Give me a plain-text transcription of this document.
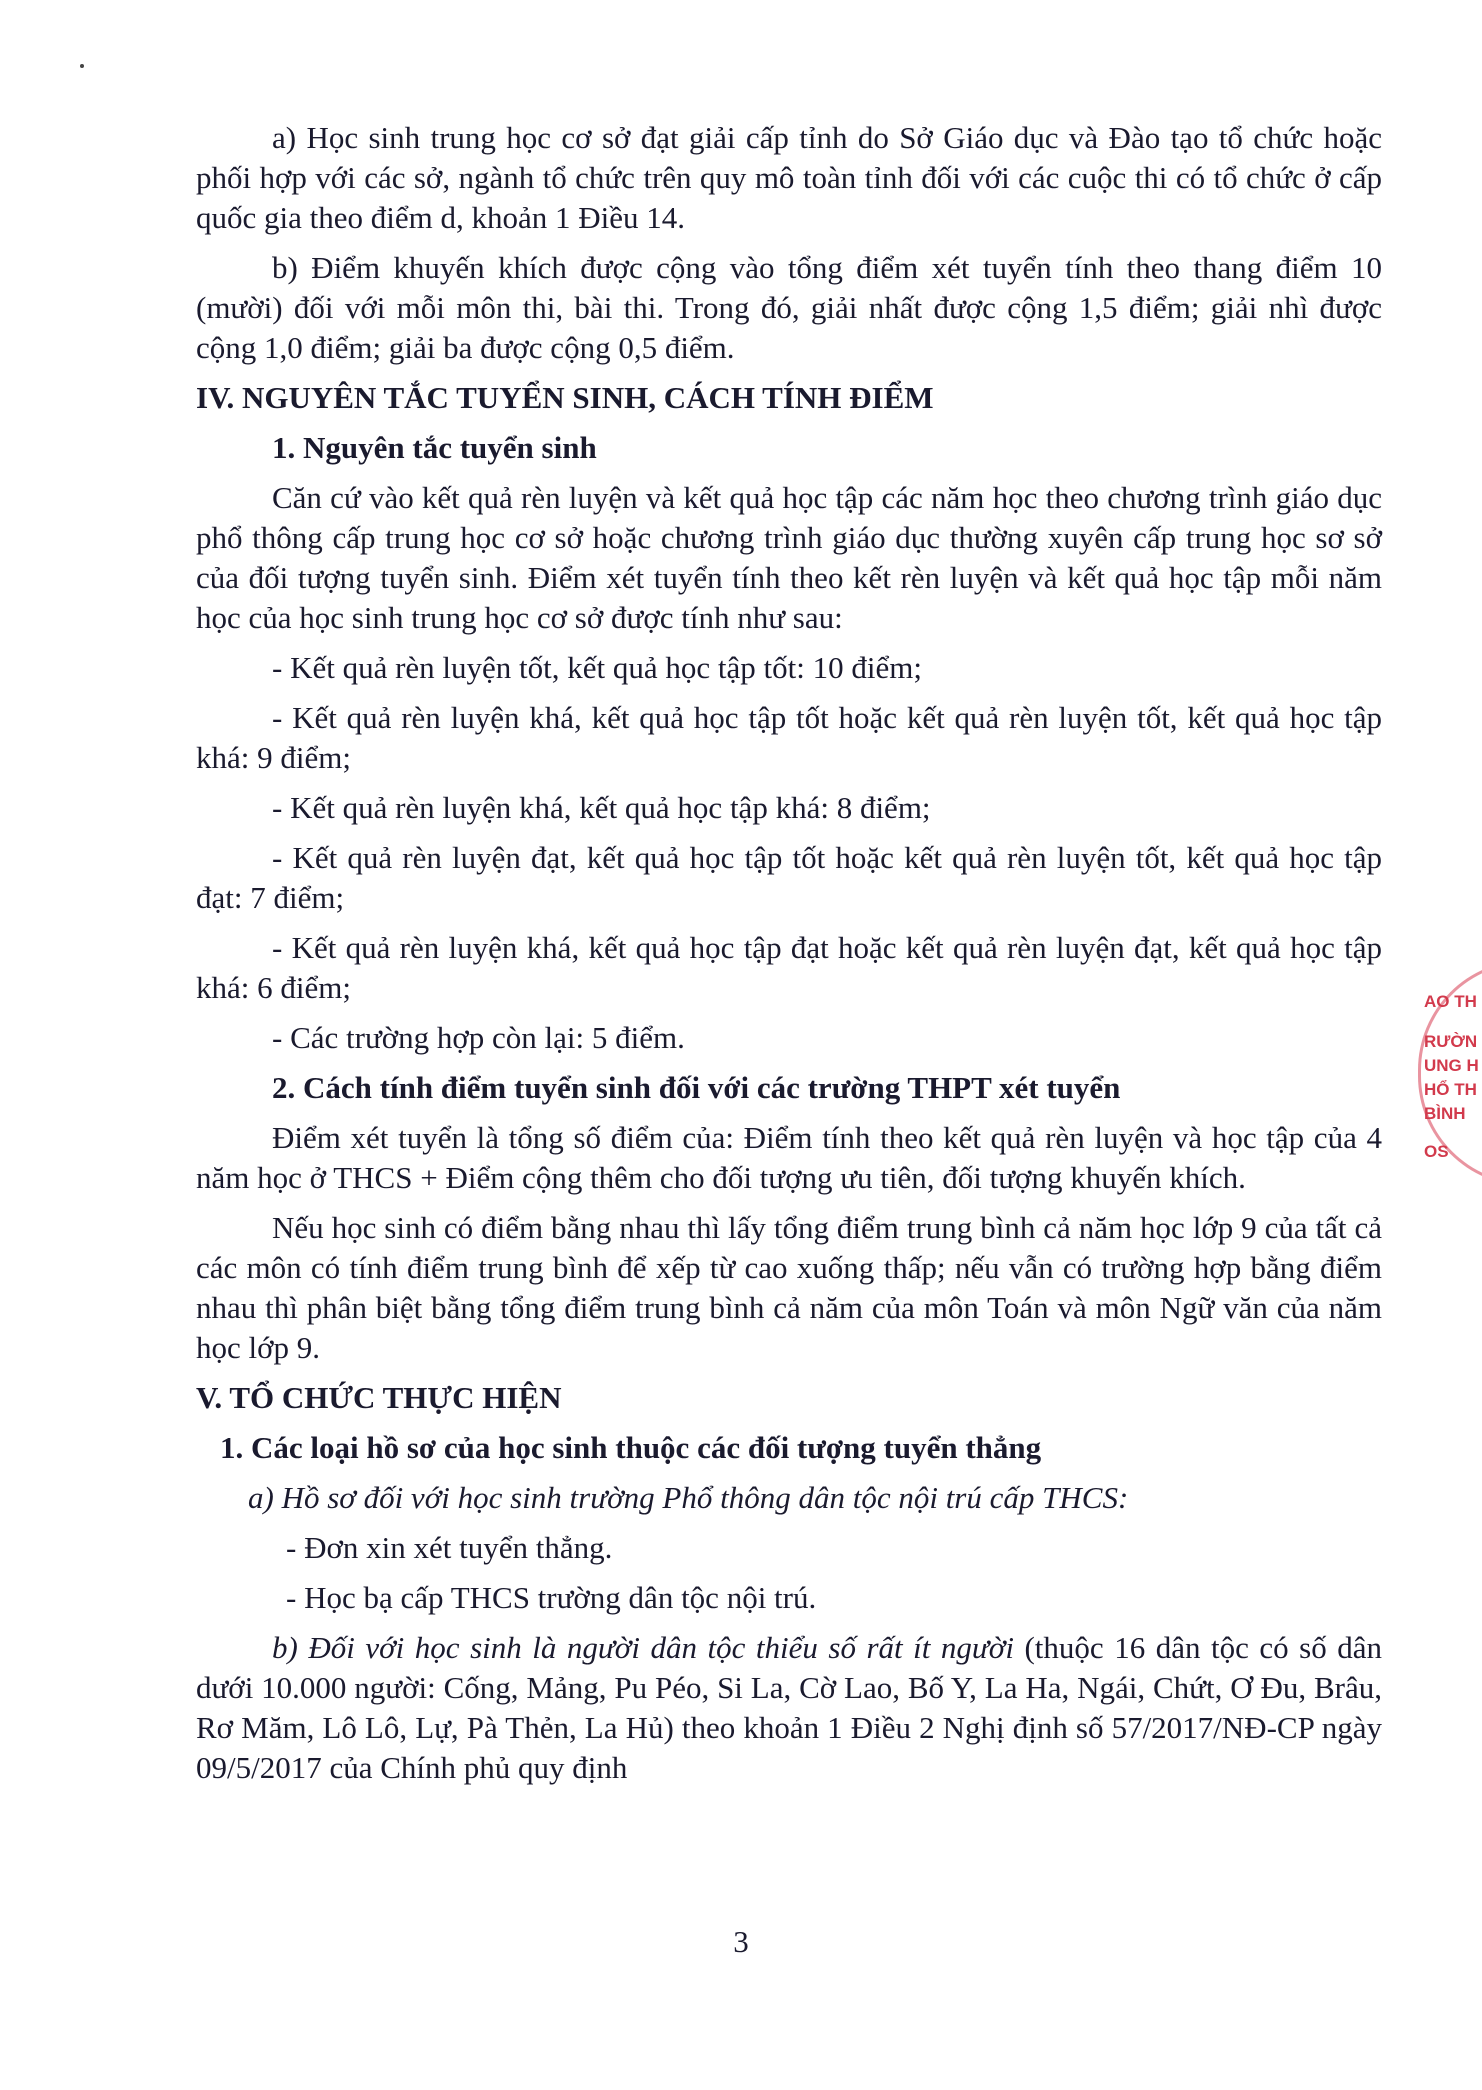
a) Học sinh trung học cơ sở đạt giải cấp tỉnh do Sở Giáo dục và Đào tạo tổ chức hoặc phối hợp với các sở, ngành tổ chức trên quy mô toàn tỉnh đối với các cuộc thi có tổ chức ở cấp quốc gia theo điểm d, khoản 1 Điều 14.

b) Điểm khuyến khích được cộng vào tổng điểm xét tuyển tính theo thang điểm 10 (mười) đối với mỗi môn thi, bài thi. Trong đó, giải nhất được cộng 1,5 điểm; giải nhì được cộng 1,0 điểm; giải ba được cộng 0,5 điểm.

IV. NGUYÊN TẮC TUYỂN SINH, CÁCH TÍNH ĐIỂM

1. Nguyên tắc tuyển sinh

Căn cứ vào kết quả rèn luyện và kết quả học tập các năm học theo chương trình giáo dục phổ thông cấp trung học cơ sở hoặc chương trình giáo dục thường xuyên cấp trung học sơ sở của đối tượng tuyển sinh. Điểm xét tuyển tính theo kết rèn luyện và kết quả học tập mỗi năm học của học sinh trung học cơ sở được tính như sau:

- Kết quả rèn luyện tốt, kết quả học tập tốt: 10 điểm;

- Kết quả rèn luyện khá, kết quả học tập tốt hoặc kết quả rèn luyện tốt, kết quả học tập khá: 9 điểm;

- Kết quả rèn luyện khá, kết quả học tập khá: 8 điểm;

- Kết quả rèn luyện đạt, kết quả học tập tốt hoặc kết quả rèn luyện tốt, kết quả học tập đạt: 7 điểm;

- Kết quả rèn luyện khá, kết quả học tập đạt hoặc kết quả rèn luyện đạt, kết quả học tập khá: 6 điểm;

- Các trường hợp còn lại: 5 điểm.

2. Cách tính điểm tuyển sinh đối với các trường THPT xét tuyển

Điểm xét tuyển là tổng số điểm của: Điểm tính theo kết quả rèn luyện và học tập của 4 năm học ở THCS + Điểm cộng thêm cho đối tượng ưu tiên, đối tượng khuyến khích.

Nếu học sinh có điểm bằng nhau thì lấy tổng điểm trung bình cả năm học lớp 9 của tất cả các môn có tính điểm trung bình để xếp từ cao xuống thấp; nếu vẫn có trường hợp bằng điểm nhau thì phân biệt bằng tổng điểm trung bình cả năm của môn Toán và môn Ngữ văn của năm học lớp 9.

V. TỔ CHỨC THỰC HIỆN

1. Các loại hồ sơ của học sinh thuộc các đối tượng tuyển thẳng

a) Hồ sơ đối với học sinh trường Phổ thông dân tộc nội trú cấp THCS:

- Đơn xin xét tuyển thẳng.

- Học bạ cấp THCS trường dân tộc nội trú.

b) Đối với học sinh là người dân tộc thiểu số rất ít người (thuộc 16 dân tộc có số dân dưới 10.000 người: Cống, Mảng, Pu Péo, Si La, Cờ Lao, Bố Y, La Ha, Ngái, Chứt, Ơ Đu, Brâu, Rơ Măm, Lô Lô, Lự, Pà Thẻn, La Hủ) theo khoản 1 Điều 2 Nghị định số 57/2017/NĐ-CP ngày 09/5/2017 của Chính phủ quy định

3
AO TH
RƯỜN
UNG H
HỔ TH
BÌNH
OS
